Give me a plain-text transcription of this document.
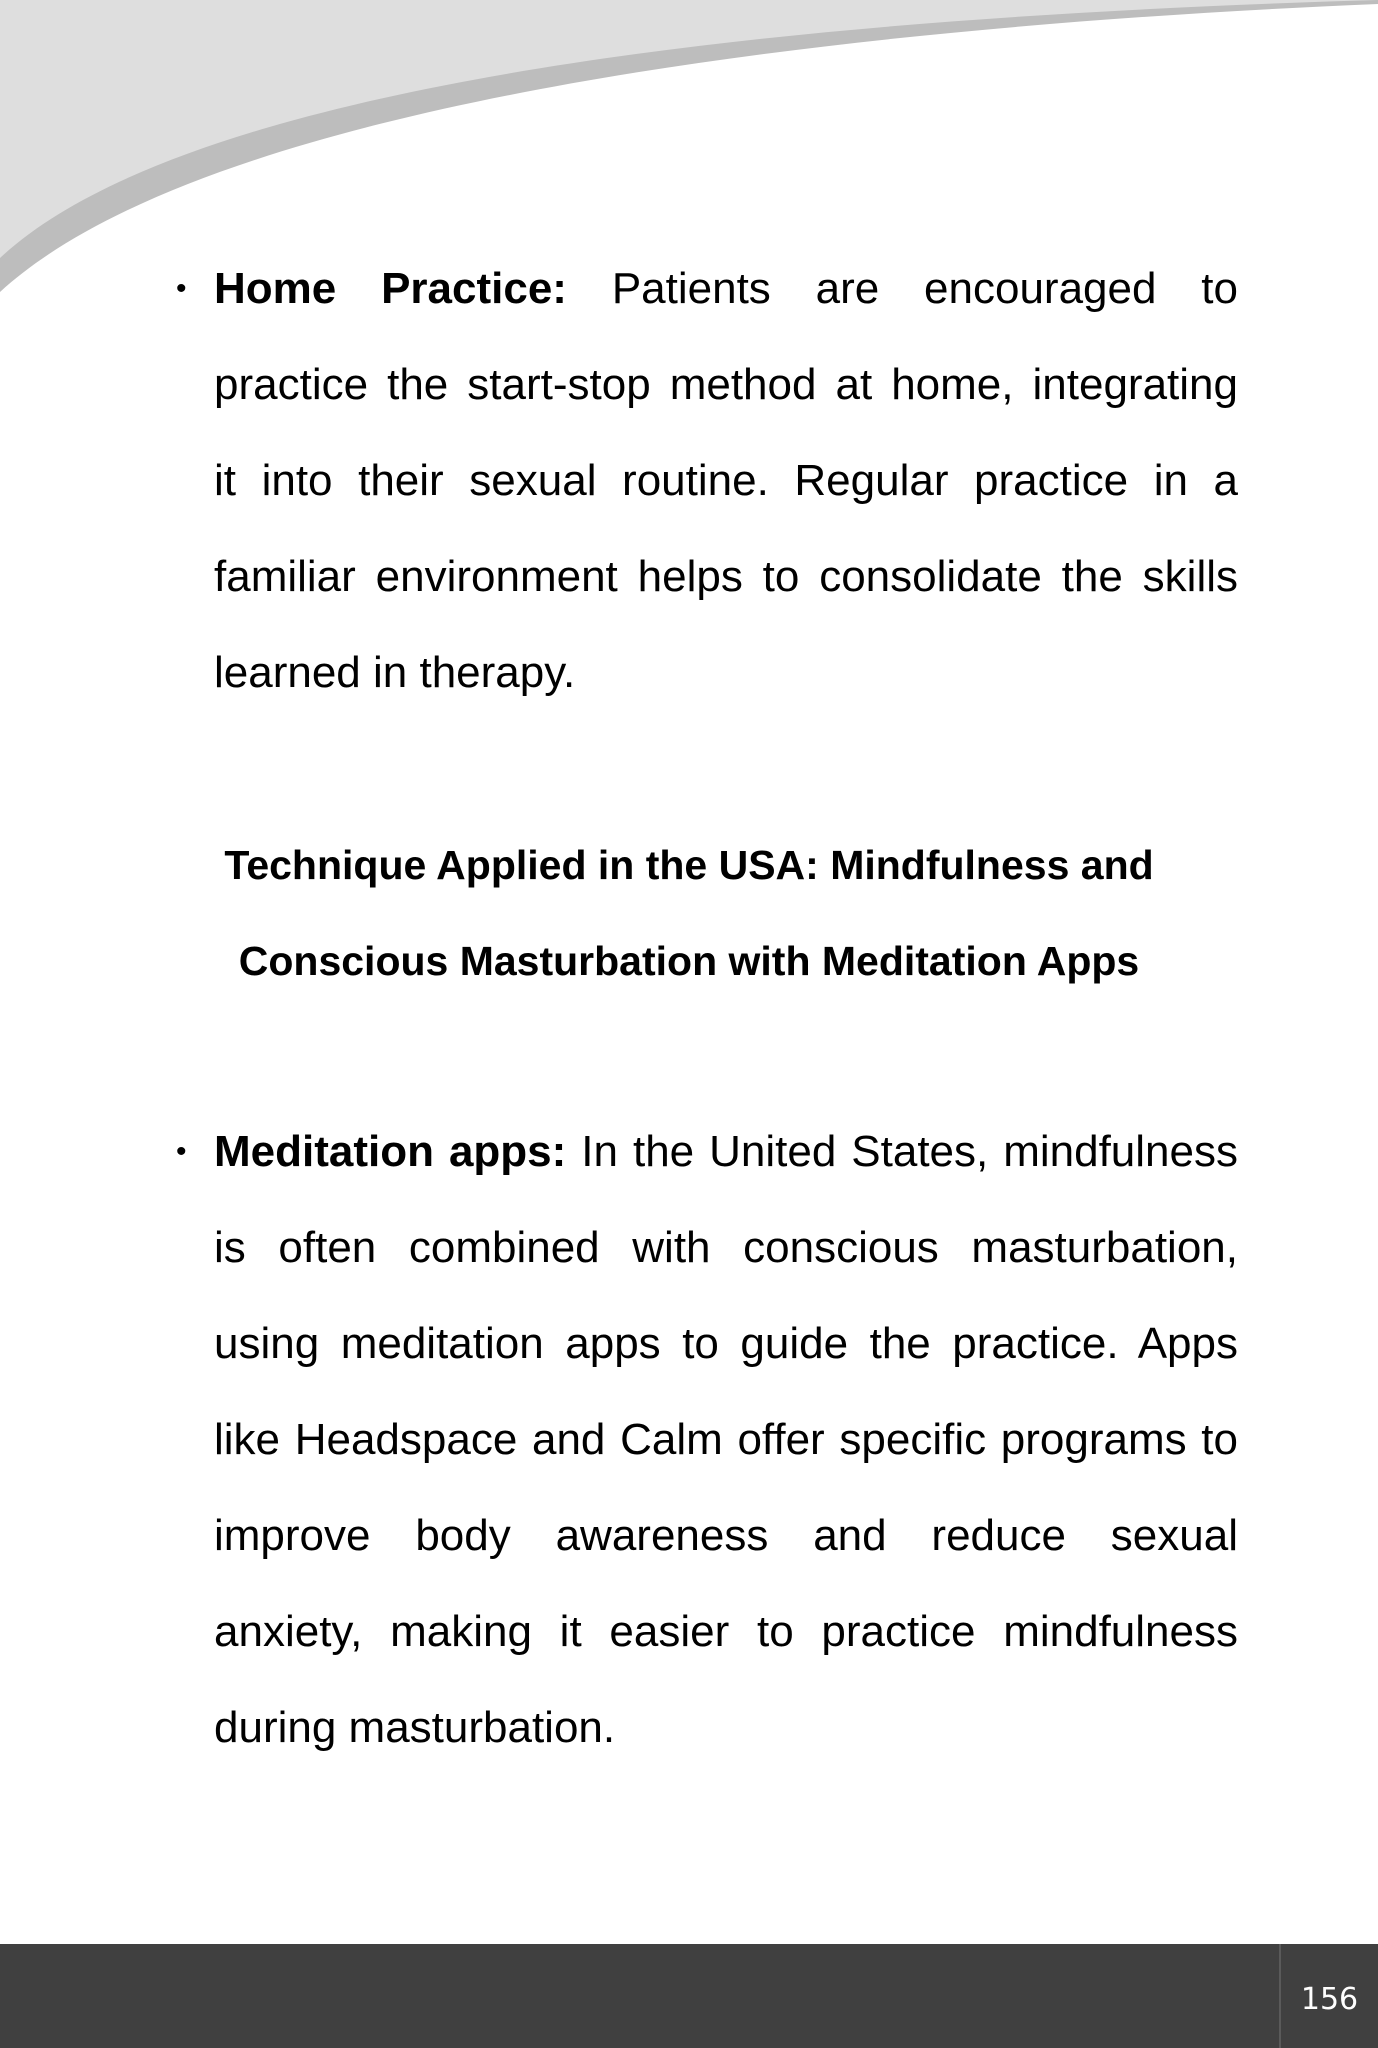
• Home Practice: Patients are encouraged to
practice the start-stop method at home, integrating
it into their sexual routine. Regular practice in a
familiar environment helps to consolidate the skills
learned in therapy.
Technique Applied in the USA: Mindfulness and
Conscious Masturbation with Meditation Apps
• Meditation apps: In the United States, mindfulness
is often combined with conscious masturbation,
using meditation apps to guide the practice. Apps
like Headspace and Calm offer specific programs to
improve body awareness and reduce sexual
anxiety, making it easier to practice mindfulness
during masturbation.
156
